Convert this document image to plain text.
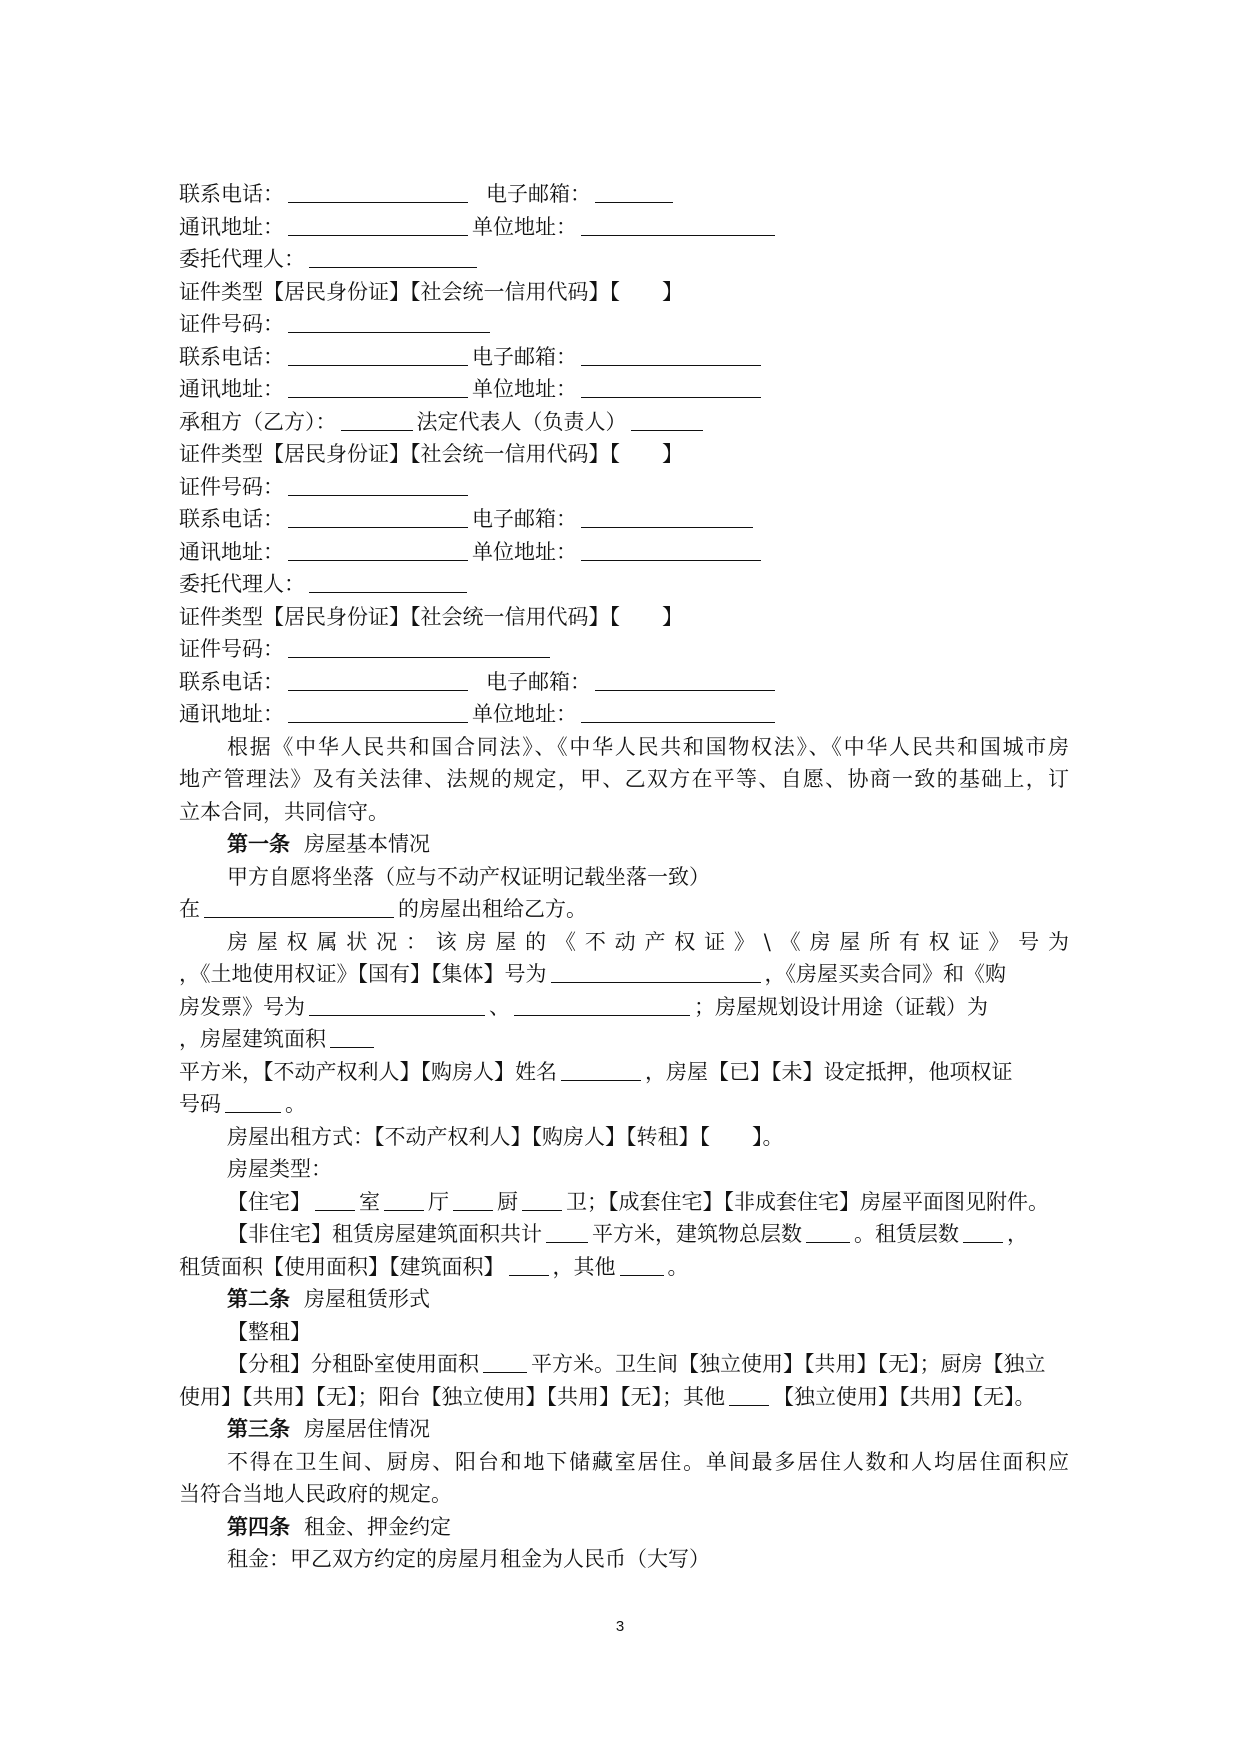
联系电话：	电子邮箱：
通讯地址：	单位地址：
委托代理人：
证件类型【居民身份证】【社会统一信用代码】【　　】
证件号码：
联系电话：	电子邮箱：
通讯地址：	单位地址：
承租方（乙方）：	法定代表人（负责人）
证件类型【居民身份证】【社会统一信用代码】【　　】
证件号码：
联系电话：	电子邮箱：
通讯地址：	单位地址：
委托代理人：
证件类型【居民身份证】【社会统一信用代码】【　　】
证件号码：
联系电话：	电子邮箱：
通讯地址：	单位地址：
根据《中华人民共和国合同法》、《中华人民共和国物权法》、《中华人民共和国城市房
地产管理法》及有关法律、法规的规定，甲、乙双方在平等、自愿、协商一致的基础上，订
立本合同，共同信守。
第一条 房屋基本情况
甲方自愿将坐落（应与不动产权证明记载坐落一致）
在	的房屋出租给乙方。
房屋权属状况：该房屋的《不动产权证》\《房屋所有权证》号为
，《土地使用权证》【国有】【集体】号为	，《房屋买卖合同》和《购
房发票》号为	、	；房屋规划设计用途（证载）为
，房屋建筑面积
平方米，【不动产权利人】【购房人】姓名	，房屋【已】【未】设定抵押，他项权证
号码	。
房屋出租方式：【不动产权利人】【购房人】【转租】【　　】。
房屋类型：
【住宅】 室 厅 厨 卫；【成套住宅】【非成套住宅】房屋平面图见附件。
【非住宅】租赁房屋建筑面积共计 平方米，建筑物总层数 。租赁层数 ，
租赁面积【使用面积】【建筑面积】 ，其他 。
第二条 房屋租赁形式
【整租】
【分租】分租卧室使用面积 平方米。卫生间【独立使用】【共用】【无】；厨房【独立
使用】【共用】【无】；阳台【独立使用】【共用】【无】；其他 【独立使用】【共用】【无】。
第三条 房屋居住情况
不得在卫生间、厨房、阳台和地下储藏室居住。单间最多居住人数和人均居住面积应
当符合当地人民政府的规定。
第四条 租金、押金约定
租金：甲乙双方约定的房屋月租金为人民币（大写）
3
